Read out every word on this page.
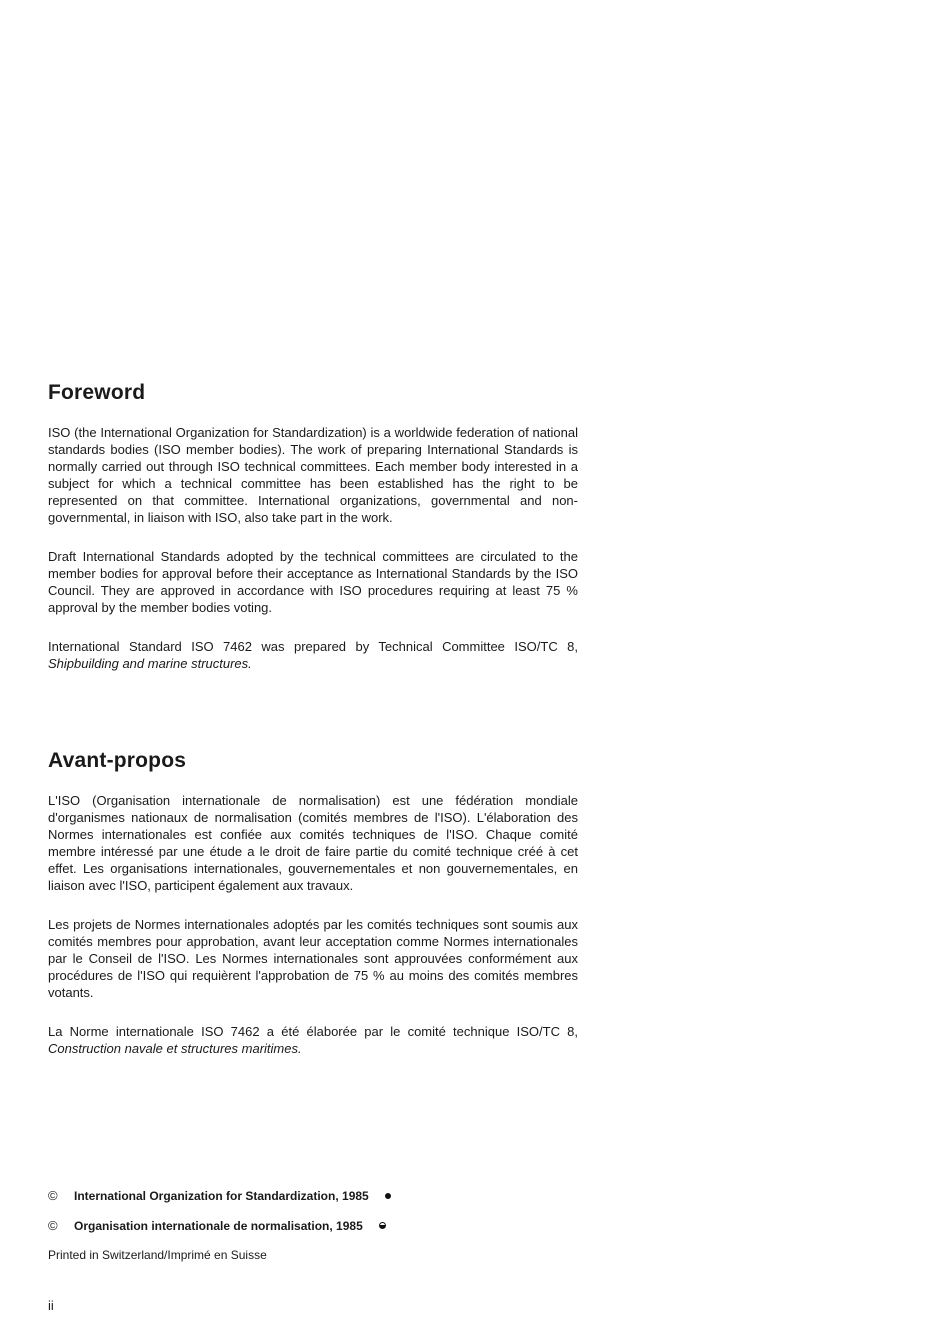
Foreword

ISO (the International Organization for Standardization) is a worldwide federation of national standards bodies (ISO member bodies). The work of preparing International Standards is normally carried out through ISO technical committees. Each member body interested in a subject for which a technical committee has been established has the right to be represented on that committee. International organizations, governmental and non-governmental, in liaison with ISO, also take part in the work.

Draft International Standards adopted by the technical committees are circulated to the member bodies for approval before their acceptance as International Standards by the ISO Council. They are approved in accordance with ISO procedures requiring at least 75 % approval by the member bodies voting.

International Standard ISO 7462 was prepared by Technical Committee ISO/TC 8, Shipbuilding and marine structures.

Avant-propos

L'ISO (Organisation internationale de normalisation) est une fédération mondiale d'organismes nationaux de normalisation (comités membres de l'ISO). L'élaboration des Normes internationales est confiée aux comités techniques de l'ISO. Chaque comité membre intéressé par une étude a le droit de faire partie du comité technique créé à cet effet. Les organisations internationales, gouvernementales et non gouvernementales, en liaison avec l'ISO, participent également aux travaux.

Les projets de Normes internationales adoptés par les comités techniques sont soumis aux comités membres pour approbation, avant leur acceptation comme Normes internationales par le Conseil de l'ISO. Les Normes internationales sont approuvées conformément aux procédures de l'ISO qui requièrent l'approbation de 75 % au moins des comités membres votants.

La Norme internationale ISO 7462 a été élaborée par le comité technique ISO/TC 8, Construction navale et structures maritimes.

©	International Organization for Standardization, 1985
©	Organisation internationale de normalisation, 1985
Printed in Switzerland/Imprimé en Suisse
ii
